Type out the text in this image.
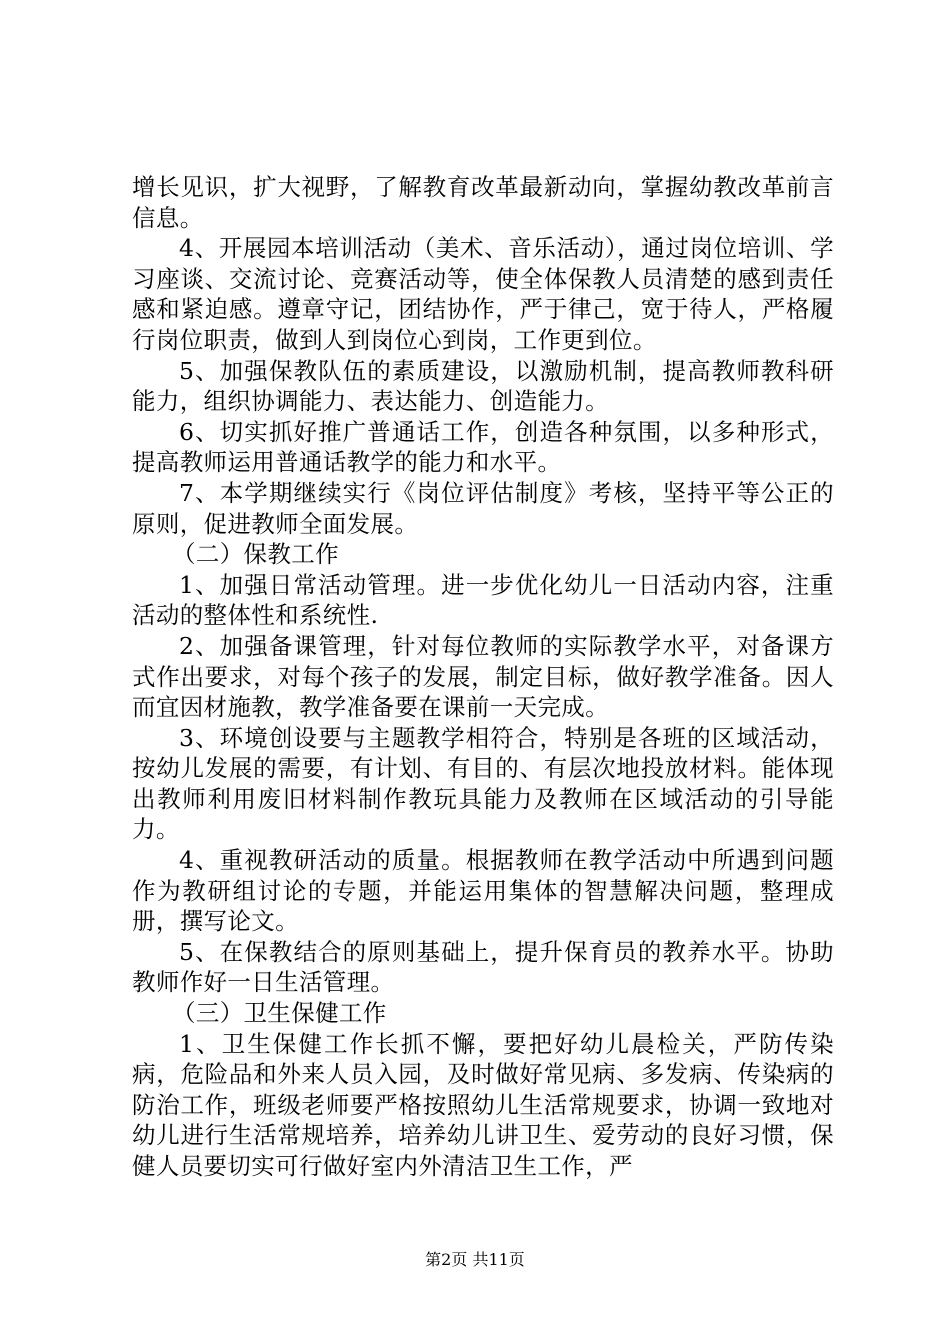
增长见识，扩大视野，了解教育改革最新动向，掌握幼教改革前言信息。

4、开展园本培训活动（美术、音乐活动），通过岗位培训、学习座谈、交流讨论、竞赛活动等，使全体保教人员清楚的感到责任感和紧迫感。遵章守记，团结协作，严于律己，宽于待人，严格履行岗位职责，做到人到岗位心到岗，工作更到位。

5、加强保教队伍的素质建设，以激励机制，提高教师教科研能力，组织协调能力、表达能力、创造能力。

6、切实抓好推广普通话工作，创造各种氛围，以多种形式，提高教师运用普通话教学的能力和水平。

7、本学期继续实行《岗位评估制度》考核，坚持平等公正的原则，促进教师全面发展。

（二）保教工作

1、加强日常活动管理。进一步优化幼儿一日活动内容，注重活动的整体性和系统性.

2、加强备课管理，针对每位教师的实际教学水平，对备课方式作出要求，对每个孩子的发展，制定目标，做好教学准备。因人而宜因材施教，教学准备要在课前一天完成。

3、环境创设要与主题教学相符合，特别是各班的区域活动，按幼儿发展的需要，有计划、有目的、有层次地投放材料。能体现出教师利用废旧材料制作教玩具能力及教师在区域活动的引导能力。

4、重视教研活动的质量。根据教师在教学活动中所遇到问题作为教研组讨论的专题，并能运用集体的智慧解决问题，整理成册，撰写论文。

5、在保教结合的原则基础上，提升保育员的教养水平。协助教师作好一日生活管理。

（三）卫生保健工作

1、卫生保健工作长抓不懈，要把好幼儿晨检关，严防传染病，危险品和外来人员入园，及时做好常见病、多发病、传染病的防治工作，班级老师要严格按照幼儿生活常规要求，协调一致地对幼儿进行生活常规培养，培养幼儿讲卫生、爱劳动的良好习惯，保健人员要切实可行做好室内外清洁卫生工作，严

第2页 共11页
